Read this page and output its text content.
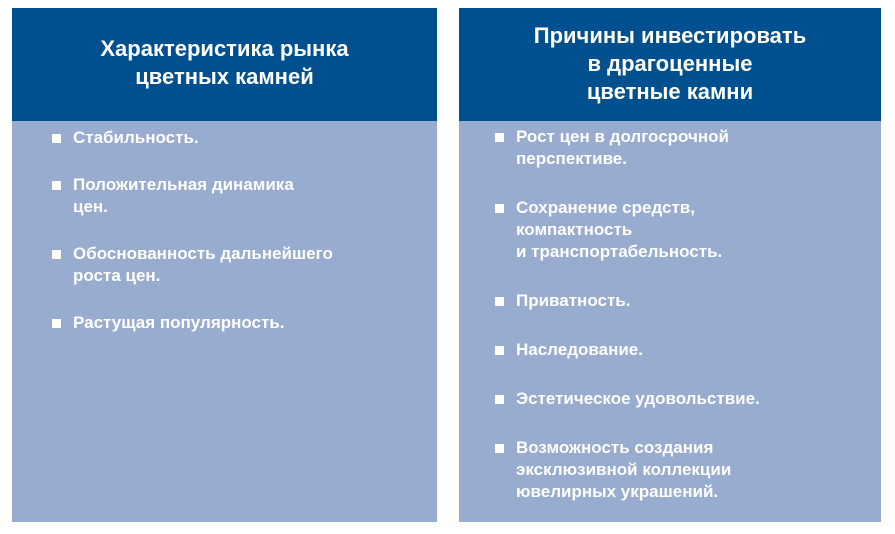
Характеристика рынка
цветных камней
Стабильность.
Положительная динамика
цен.
Обоснованность дальнейшего
роста цен.
Растущая популярность.
Причины инвестировать
в драгоценные
цветные камни
Рост цен в долгосрочной
перспективе.
Сохранение средств,
компактность
и транспортабельность.
Приватность.
Наследование.
Эстетическое удовольствие.
Возможность создания
эксклюзивной коллекции
ювелирных украшений.
